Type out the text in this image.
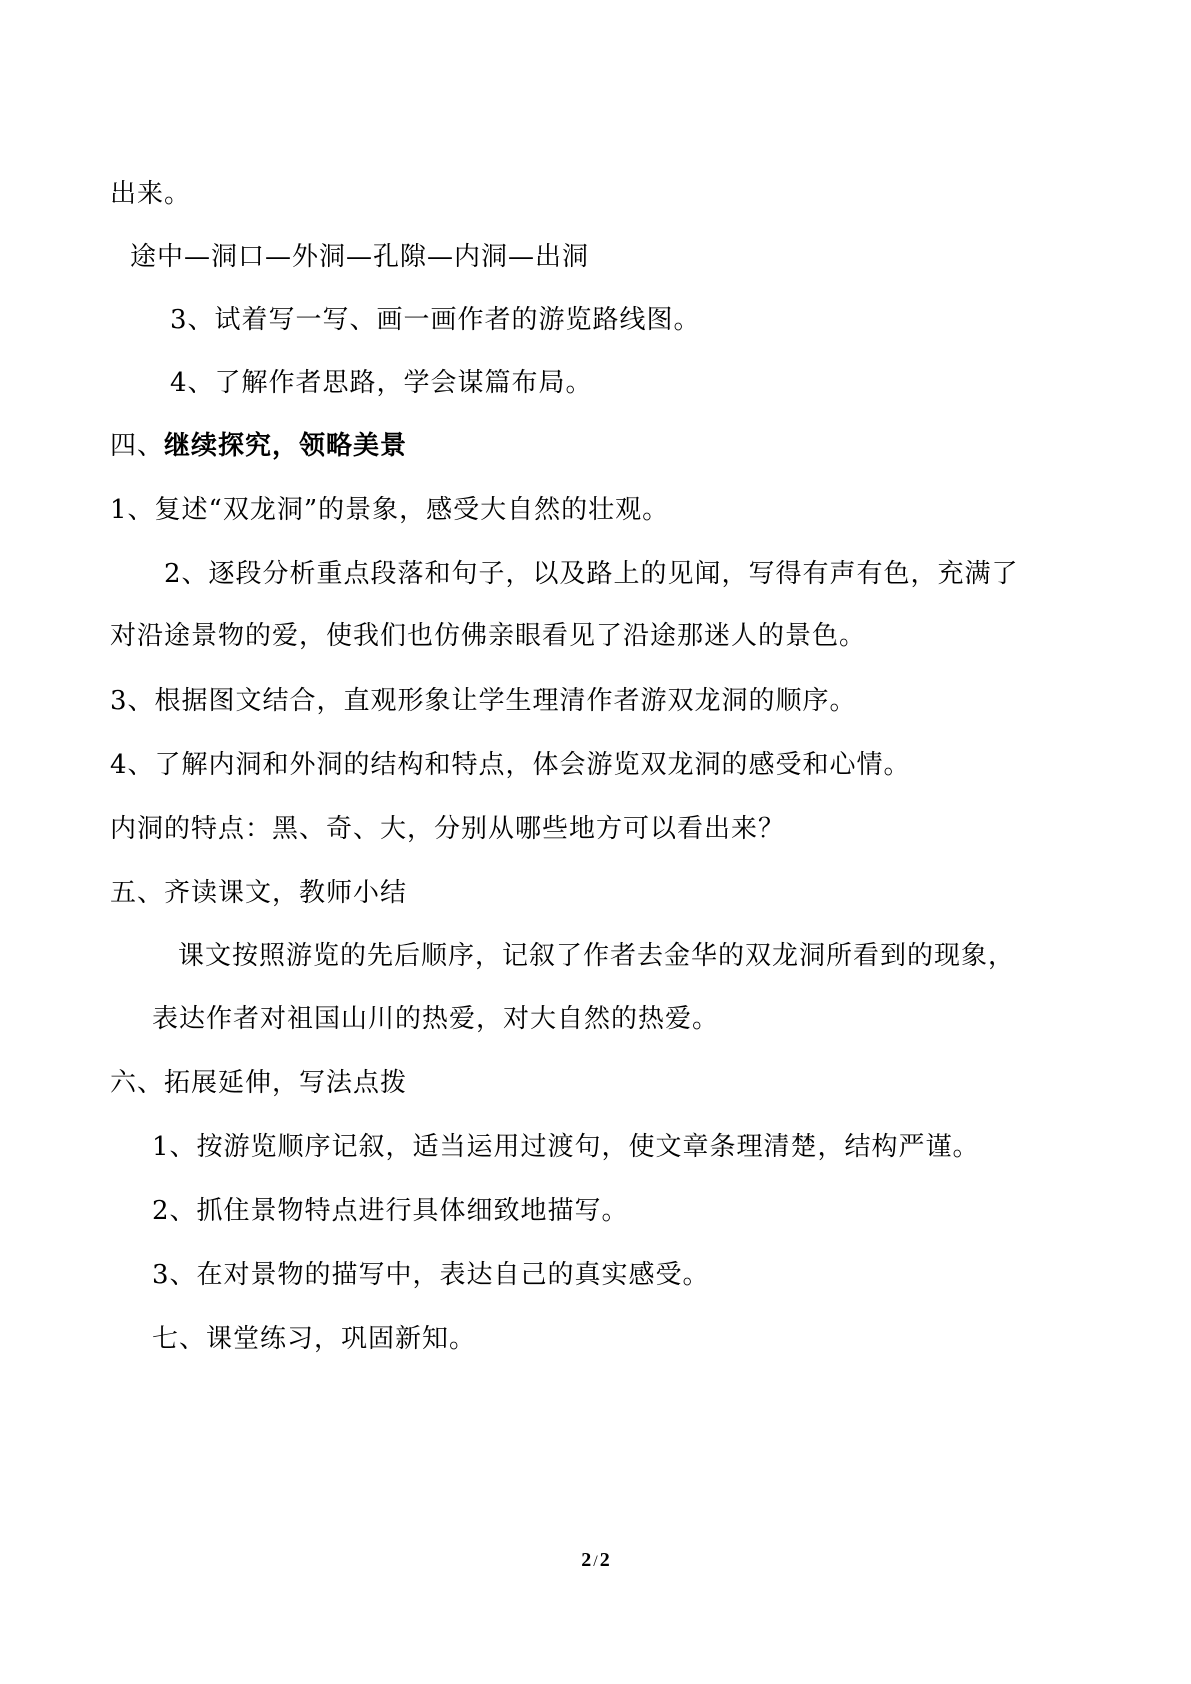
出来。
途中—洞口—外洞—孔隙—内洞—出洞
3、试着写一写、画一画作者的游览路线图。
4、了解作者思路，学会谋篇布局。
四、继续探究，领略美景
1、复述“双龙洞”的景象，感受大自然的壮观。
2、逐段分析重点段落和句子，以及路上的见闻，写得有声有色，充满了
对沿途景物的爱，使我们也仿佛亲眼看见了沿途那迷人的景色。
3、根据图文结合，直观形象让学生理清作者游双龙洞的顺序。
4、了解内洞和外洞的结构和特点，体会游览双龙洞的感受和心情。
内洞的特点：黑、奇、大，分别从哪些地方可以看出来？
五、齐读课文，教师小结
课文按照游览的先后顺序，记叙了作者去金华的双龙洞所看到的现象，
表达作者对祖国山川的热爱，对大自然的热爱。
六、拓展延伸，写法点拨
1、按游览顺序记叙，适当运用过渡句，使文章条理清楚，结构严谨。
2、抓住景物特点进行具体细致地描写。
3、在对景物的描写中，表达自己的真实感受。
七、课堂练习，巩固新知。
2 / 2
